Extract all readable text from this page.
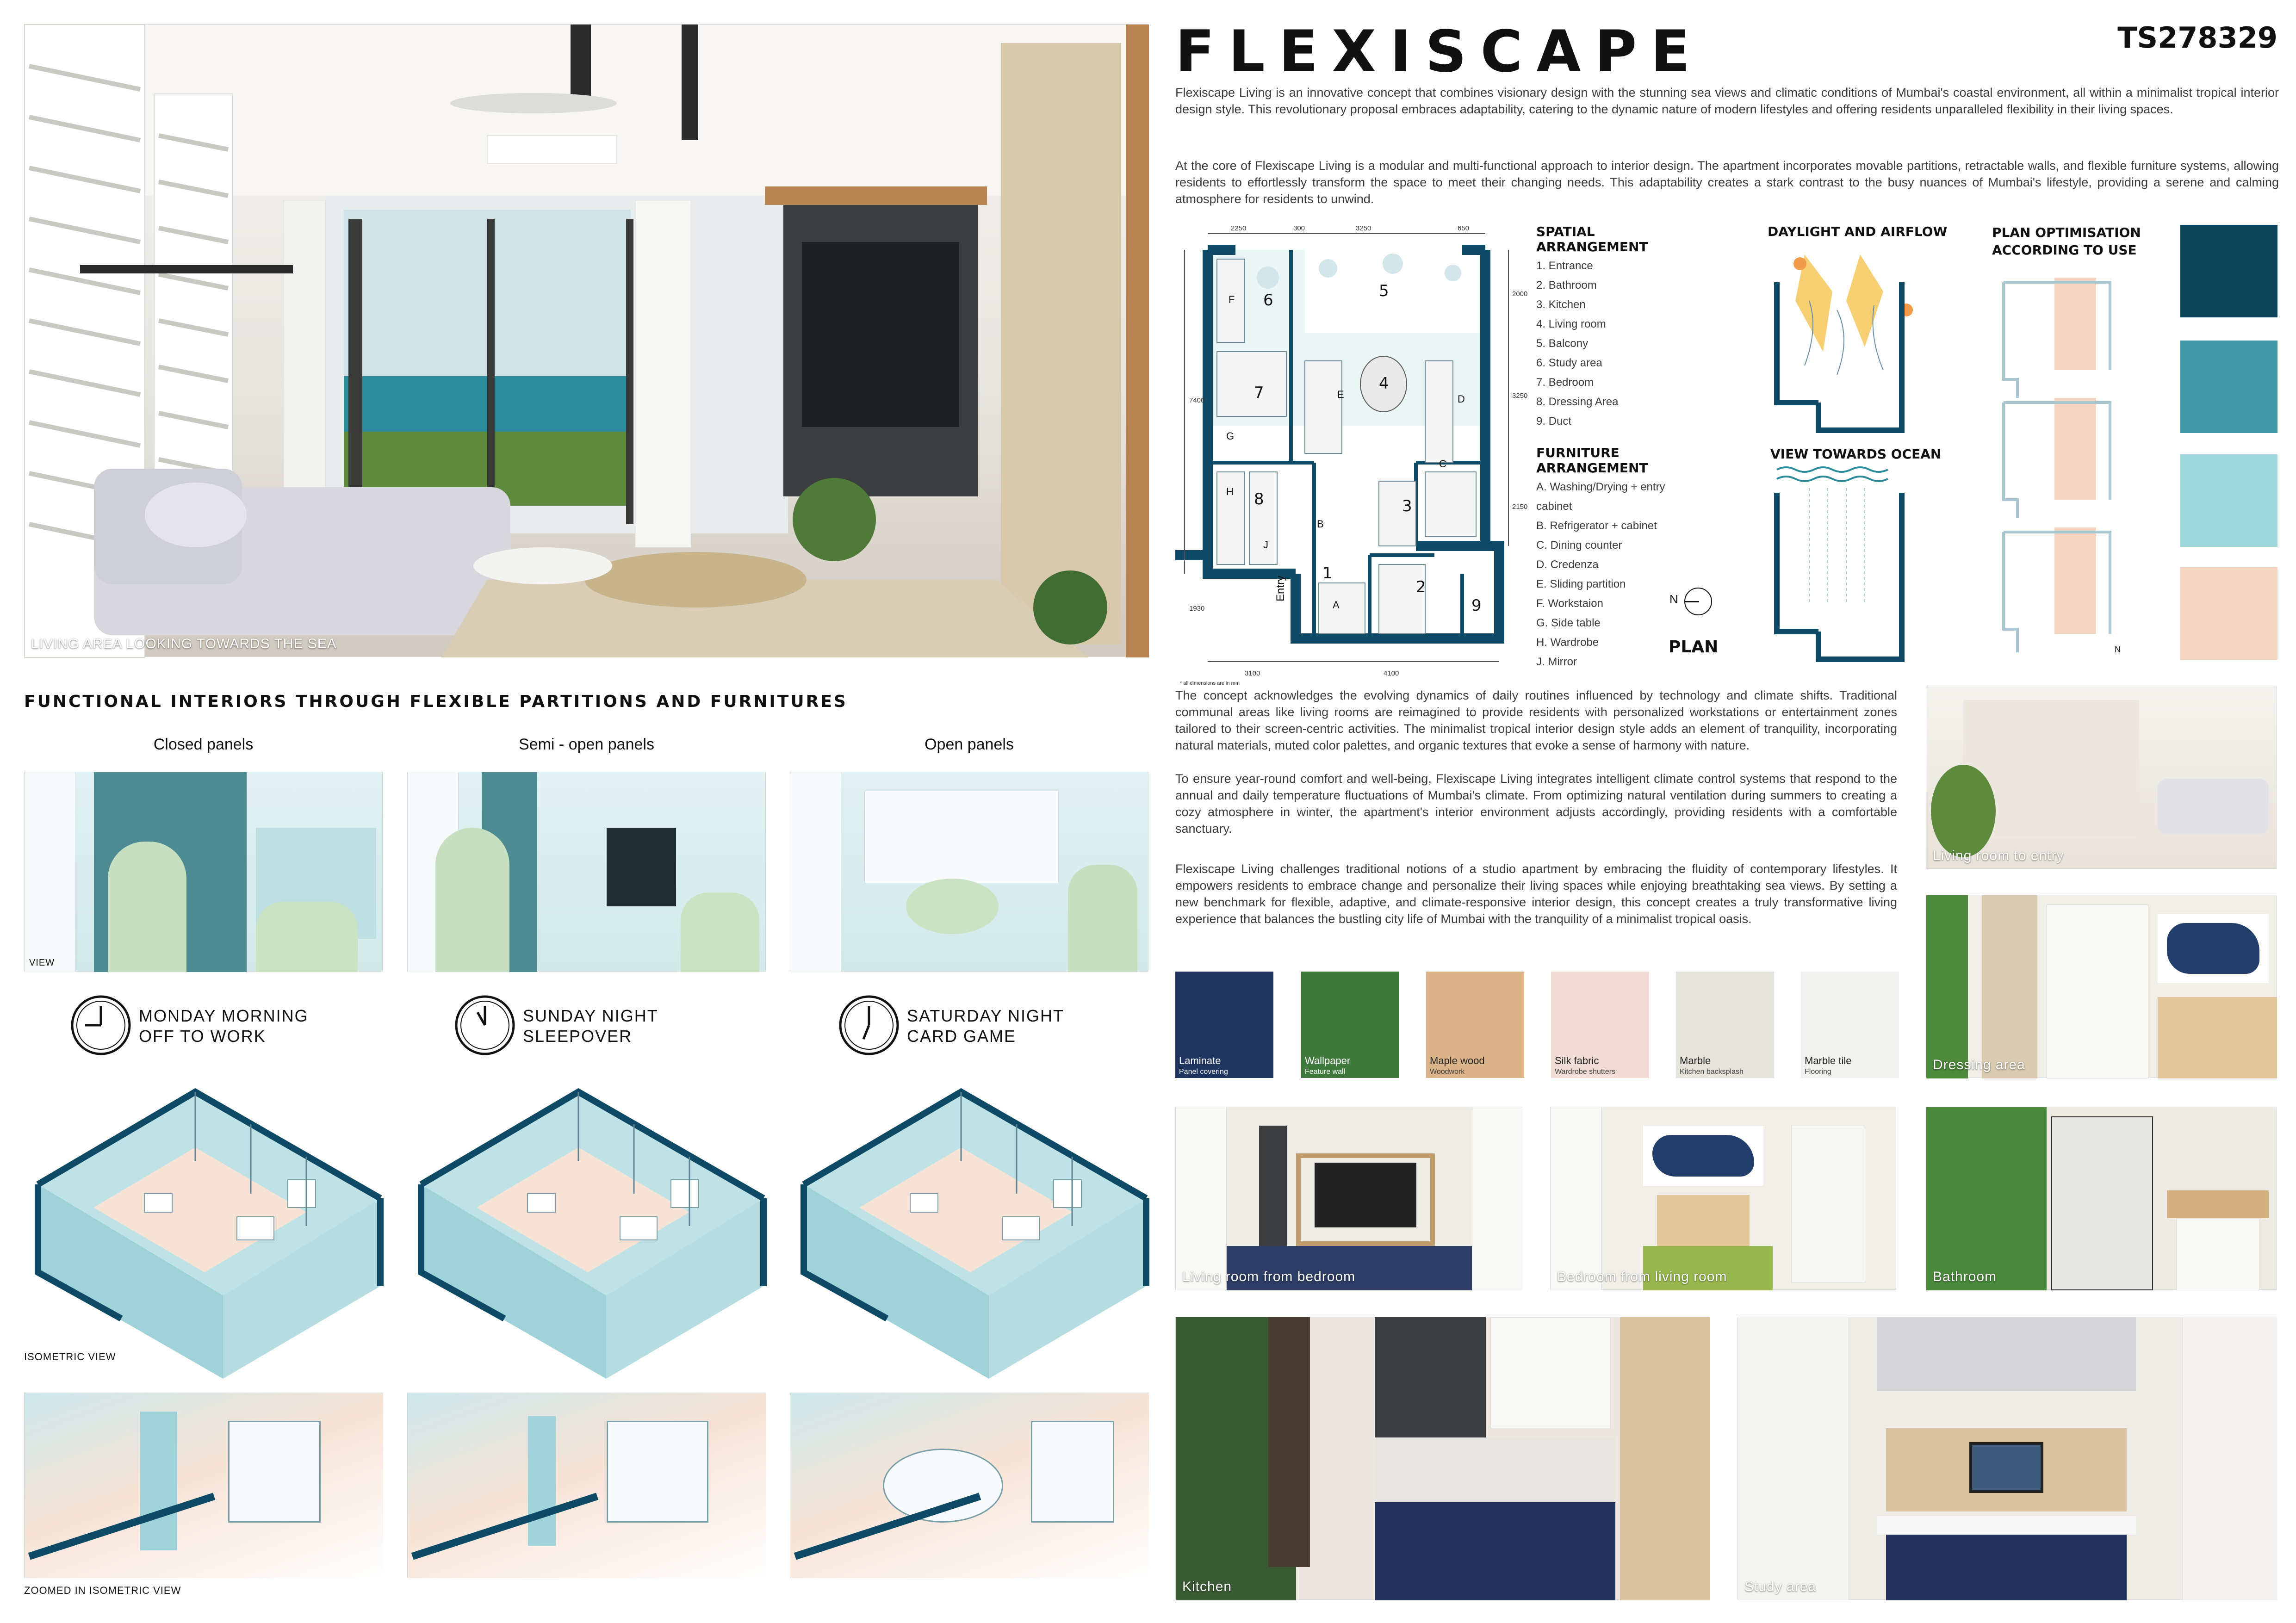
FLEXISCAPE	TS278329
Flexiscape Living is an innovative concept that combines visionary design with the stunning sea views and climatic conditions of Mumbai's coastal environment, all within a minimalist tropical interior design style. This revolutionary proposal embraces adaptability, catering to the dynamic nature of modern lifestyles and offering residents unparalleled flexibility in their living spaces.
At the core of Flexiscape Living is a modular and multi-functional approach to interior design. The apartment incorporates movable partitions, retractable walls, and flexible furniture systems, allowing residents to effortlessly transform the space to meet their changing needs. This adaptability creates a stark contrast to the busy nuances of Mumbai's lifestyle, providing a serene and calming atmosphere for residents to unwind.
LIVING AREA LOOKING TOWARDS THE SEA
2250	300	3250	650
3100	4100
7400
1930
2000
3250
2150
* all dimensions are in mm
1
2
3
4
5
6
7
8
9
A
B
C
D
E
F
G
H
J
Entry
SPATIAL ARRANGEMENT
1. Entrance
2. Bathroom
3. Kitchen
4. Living room
5. Balcony
6. Study area
7. Bedroom
8. Dressing Area
9. Duct
FURNITURE ARRANGEMENT
A. Washing/Drying + entry
cabinet
B. Refrigerator + cabinet
C. Dining counter
D. Credenza
E. Sliding partition
F. Workstaion
G. Side table
H. Wardrobe
J. Mirror
N
PLAN
DAYLIGHT AND AIRFLOW
VIEW TOWARDS OCEAN
PLAN OPTIMISATION
ACCORDING TO USE
N
The concept acknowledges the evolving dynamics of daily routines influenced by technology and climate shifts. Traditional communal areas like living rooms are reimagined to provide residents with personalized workstations or entertainment zones tailored to their screen-centric activities. The minimalist tropical interior design style adds an element of tranquility, incorporating natural materials, muted color palettes, and organic textures that evoke a sense of harmony with nature.
To ensure year-round comfort and well-being, Flexiscape Living integrates intelligent climate control systems that respond to the annual and daily temperature fluctuations of Mumbai's climate. From optimizing natural ventilation during summers to creating a cozy atmosphere in winter, the apartment's interior environment adjusts accordingly, providing residents with a comfortable sanctuary.
Flexiscape Living challenges traditional notions of a studio apartment by embracing the fluidity of contemporary lifestyles. It empowers residents to embrace change and personalize their living spaces while enjoying breathtaking sea views. By setting a new benchmark for flexible, adaptive, and climate-responsive interior design, this concept creates a truly transformative living experience that balances the bustling city life of Mumbai with the tranquility of a minimalist tropical oasis.
Laminate
Panel covering
Wallpaper
Feature wall
Maple wood
Woodwork
Silk fabric
Wardrobe shutters
Marble
Kitchen backsplash
Marble tile
Flooring
Living room to entry
Dressing area
Living room from bedroom	Bedroom from living room	Bathroom
Kitchen	Study area
FUNCTIONAL INTERIORS THROUGH FLEXIBLE PARTITIONS AND FURNITURES
Closed panels	Semi - open panels	Open panels
VIEW
MONDAY MORNING
OFF TO WORK
SUNDAY NIGHT
SLEEPOVER
SATURDAY NIGHT
CARD GAME
ISOMETRIC VIEW
ZOOMED IN ISOMETRIC VIEW
